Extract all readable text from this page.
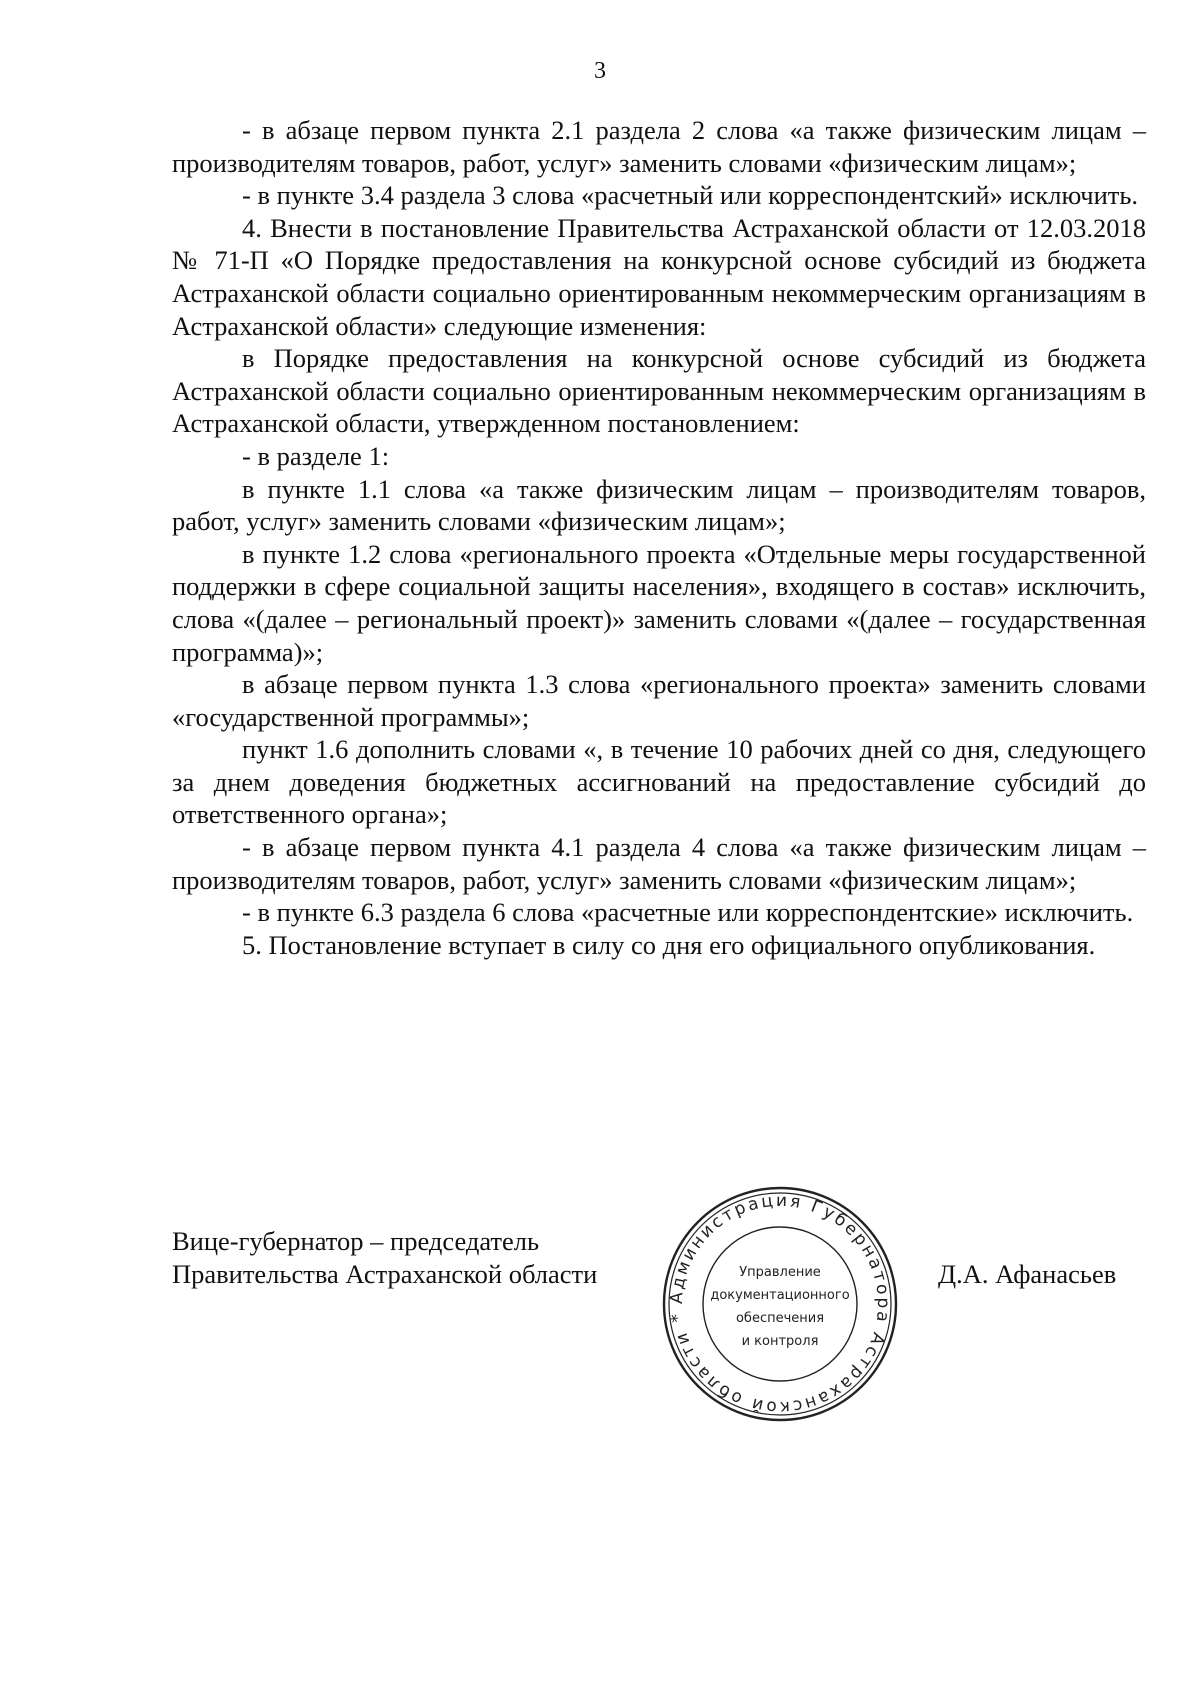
3

- в абзаце первом пункта 2.1 раздела 2 слова «а также физическим лицам – производителям товаров, работ, услуг» заменить словами «физическим лицам»;

- в пункте 3.4 раздела 3 слова «расчетный или корреспондентский» исключить.

4. Внести в постановление Правительства Астраханской области от 12.03.2018 № 71-П «О Порядке предоставления на конкурсной основе субсидий из бюджета Астраханской области социально ориентированным некоммерческим организациям в Астраханской области» следующие изменения:

в Порядке предоставления на конкурсной основе субсидий из бюджета Астраханской области социально ориентированным некоммерческим организациям в Астраханской области, утвержденном постановлением:

- в разделе 1:

в пункте 1.1 слова «а также физическим лицам – производителям товаров, работ, услуг» заменить словами «физическим лицам»;

в пункте 1.2 слова «регионального проекта «Отдельные меры государственной поддержки в сфере социальной защиты населения», входящего в состав» исключить, слова «(далее – региональный проект)» заменить словами «(далее – государственная программа)»;

в абзаце первом пункта 1.3 слова «регионального проекта» заменить словами «государственной программы»;

пункт 1.6 дополнить словами «, в течение 10 рабочих дней со дня, следующего за днем доведения бюджетных ассигнований на предоставление субсидий до ответственного органа»;

- в абзаце первом пункта 4.1 раздела 4 слова «а также физическим лицам – производителям товаров, работ, услуг» заменить словами «физическим лицам»;

- в пункте 6.3 раздела 6 слова «расчетные или корреспондентские» исключить.

5. Постановление вступает в силу со дня его официального опубликования.

Вице-губернатор – председатель
Правительства Астраханской области	Д.А. Афанасьев
Администрация Губернатора Астраханской области *
Управление
документационного
обеспечения
и контроля
